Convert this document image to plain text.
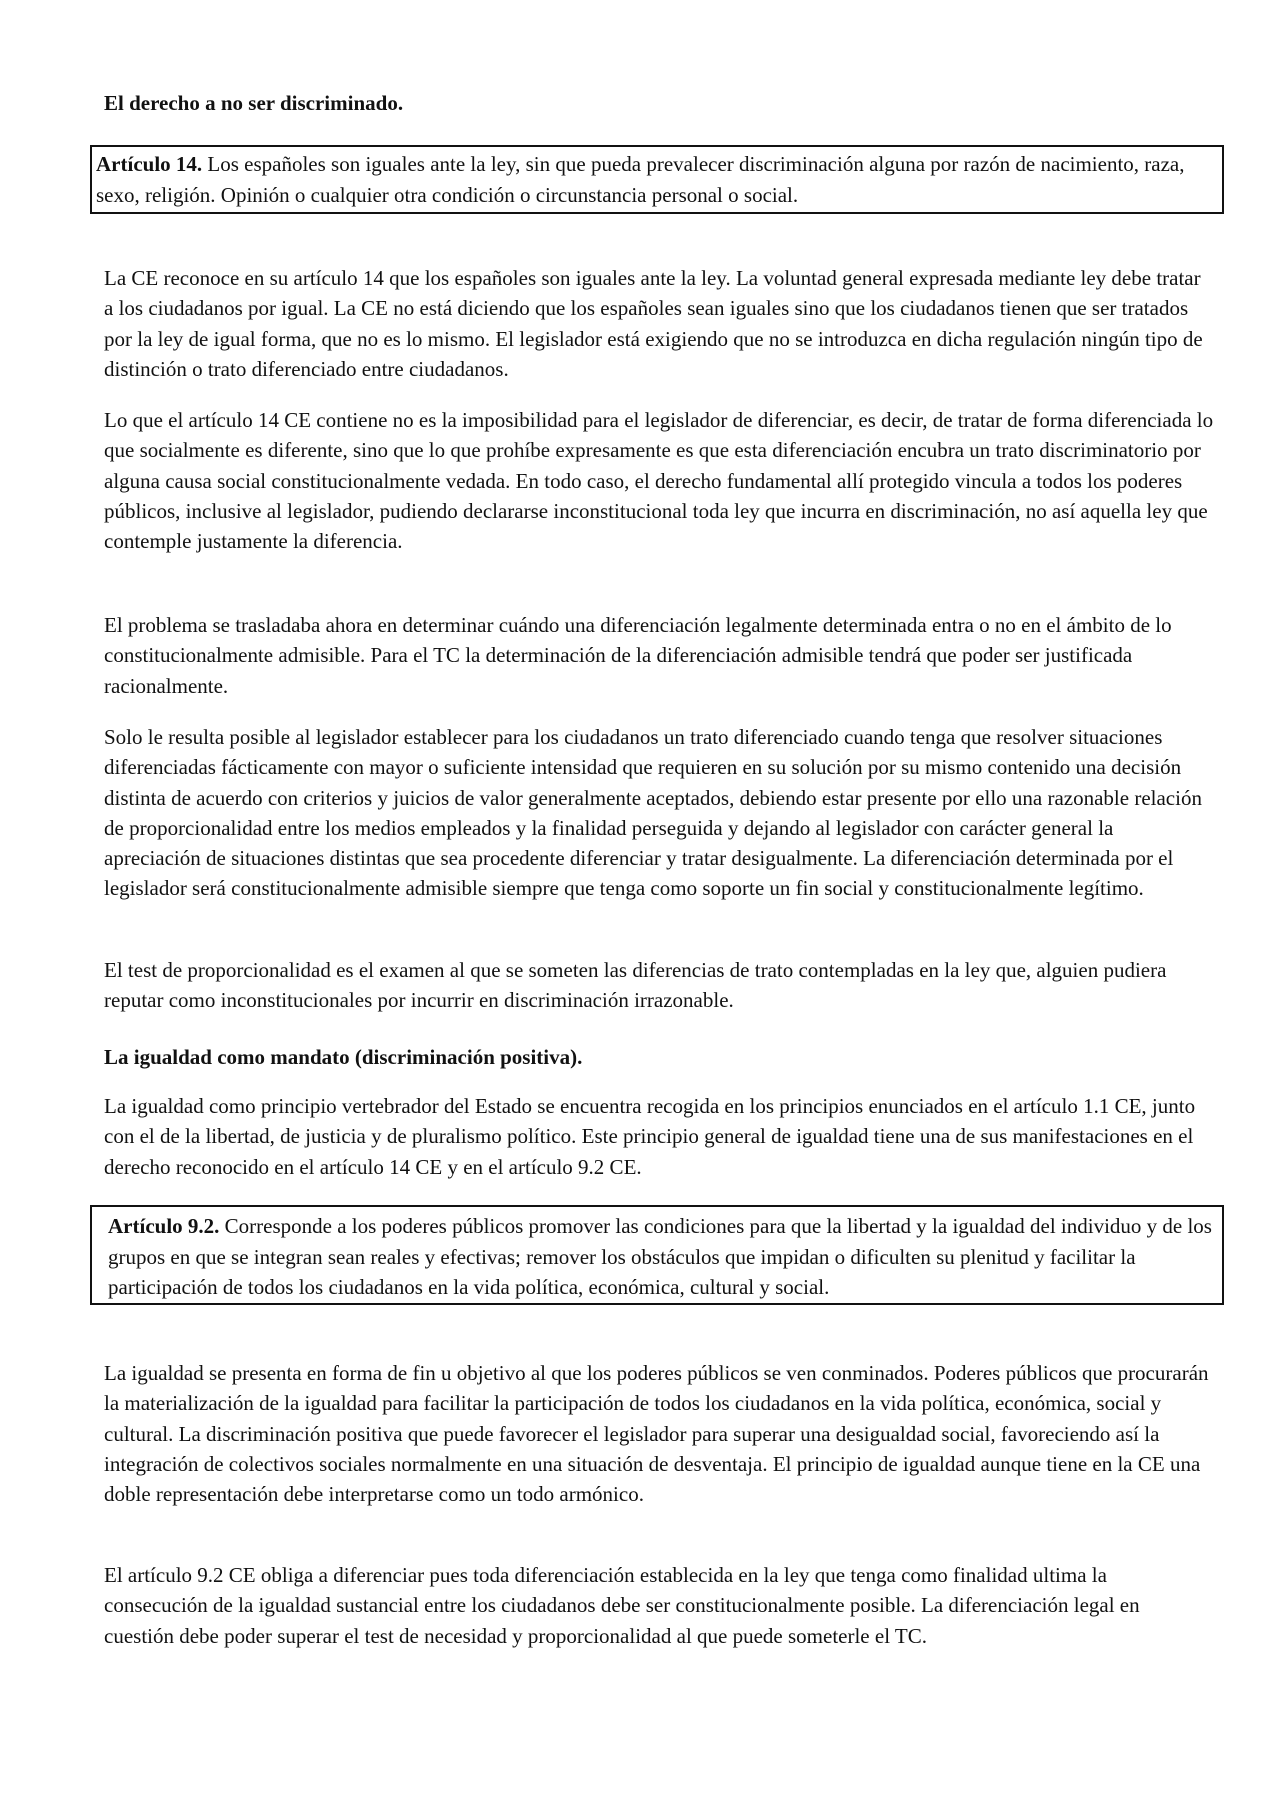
El derecho a no ser discriminado.

Artículo 14. Los españoles son iguales ante la ley, sin que pueda prevalecer discriminación alguna por razón de nacimiento, raza, sexo, religión. Opinión o cualquier otra condición o circunstancia personal o social.

La CE reconoce en su artículo 14 que los españoles son iguales ante la ley. La voluntad general expresada mediante ley debe tratar a los ciudadanos por igual. La CE no está diciendo que los españoles sean iguales sino que los ciudadanos tienen que ser tratados por la ley de igual forma, que no es lo mismo. El legislador está exigiendo que no se introduzca en dicha regulación ningún tipo de distinción o trato diferenciado entre ciudadanos.

Lo que el artículo 14 CE contiene no es la imposibilidad para el legislador de diferenciar, es decir, de tratar de forma diferenciada lo que socialmente es diferente, sino que lo que prohíbe expresamente es que esta diferenciación encubra un trato discriminatorio por alguna causa social constitucionalmente vedada. En todo caso, el derecho fundamental allí protegido vincula a todos los poderes públicos, inclusive al legislador, pudiendo declararse inconstitucional toda ley que incurra en discriminación, no así aquella ley que contemple justamente la diferencia.

El problema se trasladaba ahora en determinar cuándo una diferenciación legalmente determinada entra o no en el ámbito de lo constitucionalmente admisible. Para el TC la determinación de la diferenciación admisible tendrá que poder ser justificada racionalmente.

Solo le resulta posible al legislador establecer para los ciudadanos un trato diferenciado cuando tenga que resolver situaciones diferenciadas fácticamente con mayor o suficiente intensidad que requieren en su solución por su mismo contenido una decisión distinta de acuerdo con criterios y juicios de valor generalmente aceptados, debiendo estar presente por ello una razonable relación de proporcionalidad entre los medios empleados y la finalidad perseguida y dejando al legislador con carácter general la apreciación de situaciones distintas que sea procedente diferenciar y tratar desigualmente. La diferenciación determinada por el legislador será constitucionalmente admisible siempre que tenga como soporte un fin social y constitucionalmente legítimo.

El test de proporcionalidad es el examen al que se someten las diferencias de trato contempladas en la ley que, alguien pudiera reputar como inconstitucionales por incurrir en discriminación irrazonable.

La igualdad como mandato (discriminación positiva).

La igualdad como principio vertebrador del Estado se encuentra recogida en los principios enunciados en el artículo 1.1 CE, junto con el de la libertad, de justicia y de pluralismo político. Este principio general de igualdad tiene una de sus manifestaciones en el derecho reconocido en el artículo 14 CE y en el artículo 9.2 CE.

Artículo 9.2. Corresponde a los poderes públicos promover las condiciones para que la libertad y la igualdad del individuo y de los grupos en que se integran sean reales y efectivas; remover los obstáculos que impidan o dificulten su plenitud y facilitar la participación de todos los ciudadanos en la vida política, económica, cultural y social.

La igualdad se presenta en forma de fin u objetivo al que los poderes públicos se ven conminados. Poderes públicos que procurarán la materialización de la igualdad para facilitar la participación de todos los ciudadanos en la vida política, económica, social y cultural. La discriminación positiva que puede favorecer el legislador para superar una desigualdad social, favoreciendo así la integración de colectivos sociales normalmente en una situación de desventaja. El principio de igualdad aunque tiene en la CE una doble representación debe interpretarse como un todo armónico.

El artículo 9.2 CE obliga a diferenciar pues toda diferenciación establecida en la ley que tenga como finalidad ultima la consecución de la igualdad sustancial entre los ciudadanos debe ser constitucionalmente posible. La diferenciación legal en cuestión debe poder superar el test de necesidad y proporcionalidad al que puede someterle el TC.
